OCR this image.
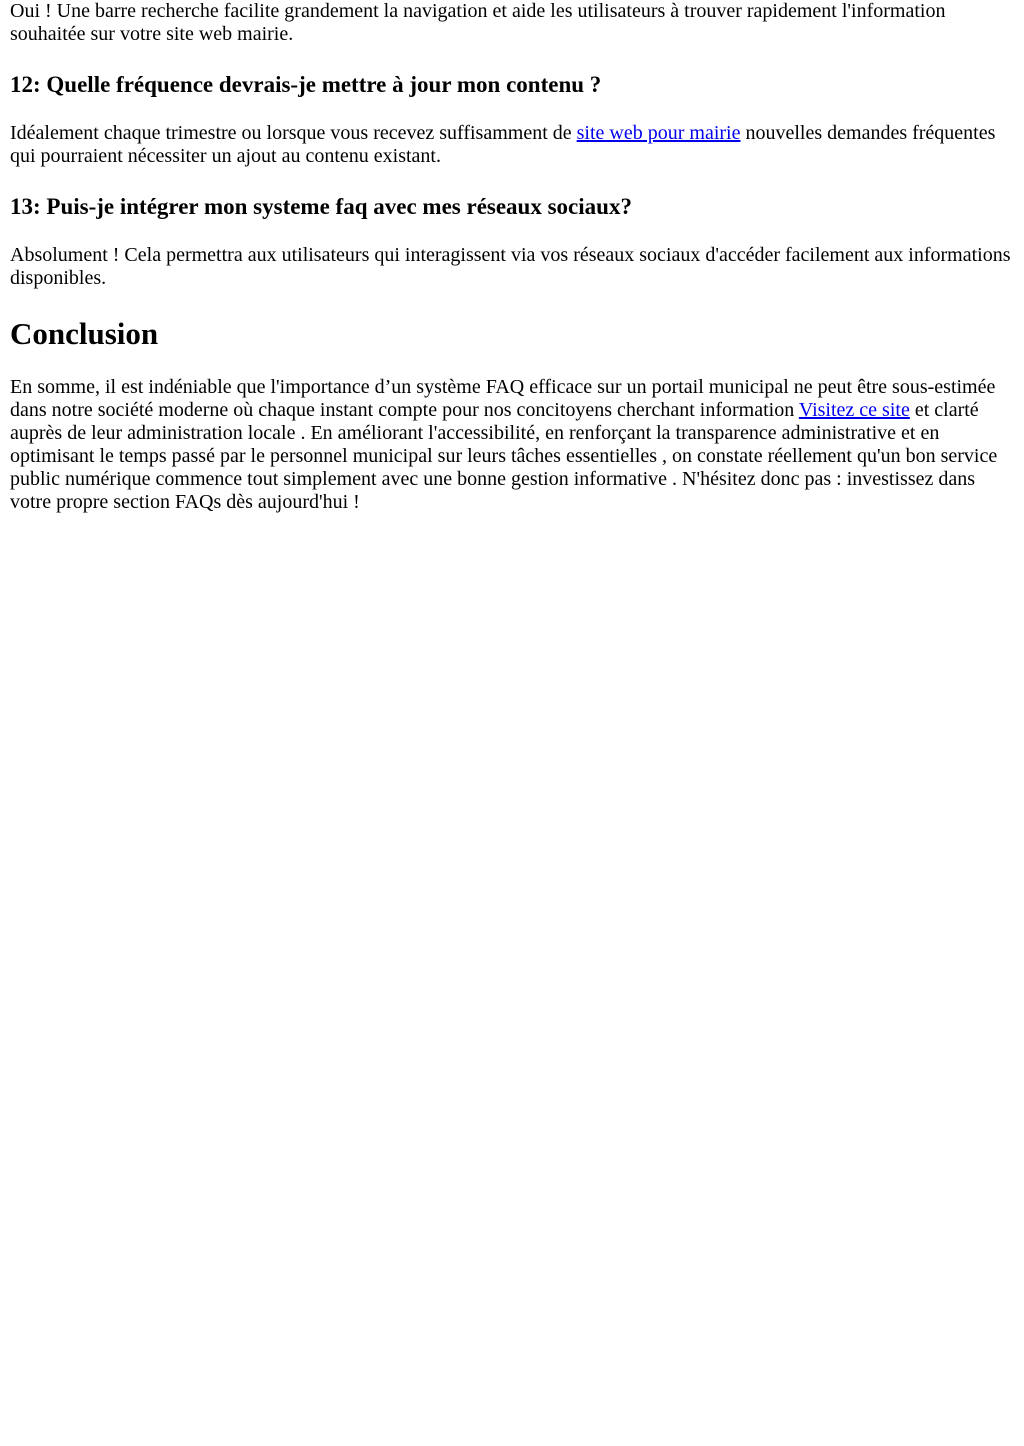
Oui ! Une barre recherche facilite grandement la navigation et aide les utilisateurs à trouver rapidement l'information souhaitée sur votre site web mairie.

12: Quelle fréquence devrais-je mettre à jour mon contenu ?

Idéalement chaque trimestre ou lorsque vous recevez suffisamment de site web pour mairie nouvelles demandes fréquentes qui pourraient nécessiter un ajout au contenu existant.

13: Puis-je intégrer mon systeme faq avec mes réseaux sociaux?

Absolument ! Cela permettra aux utilisateurs qui interagissent via vos réseaux sociaux d'accéder facilement aux informations disponibles.

Conclusion

En somme, il est indéniable que l'importance d’un système FAQ efficace sur un portail municipal ne peut être sous-estimée dans notre société moderne où chaque instant compte pour nos concitoyens cherchant information Visitez ce site et clarté auprès de leur administration locale . En améliorant l'accessibilité, en renforçant la transparence administrative et en optimisant le temps passé par le personnel municipal sur leurs tâches essentielles , on constate réellement qu'un bon service public numérique commence tout simplement avec une bonne gestion informative . N'hésitez donc pas : investissez dans votre propre section FAQs dès aujourd'hui !
